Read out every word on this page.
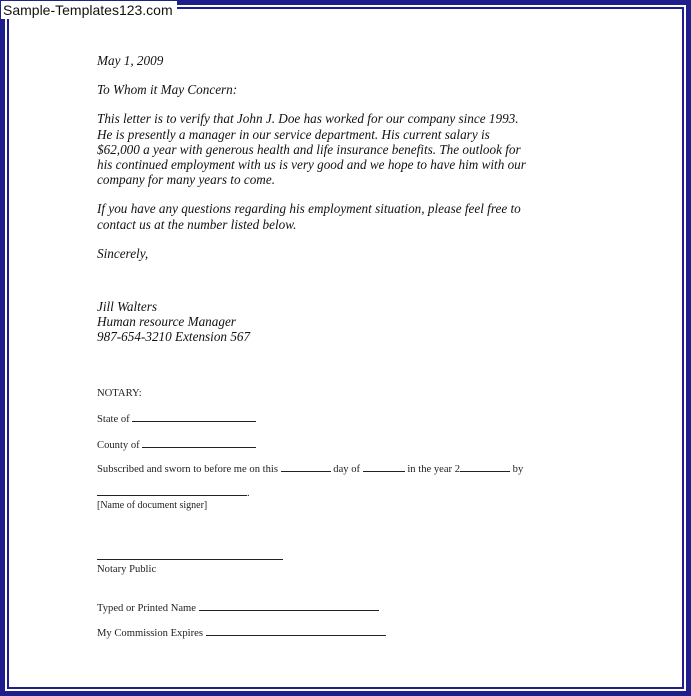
May 1, 2009

To Whom it May Concern:

This letter is to verify that John J. Doe has worked for our company since 1993.

He is presently a manager in our service department. His current salary is

$62,000 a year with generous health and life insurance benefits. The outlook for

his continued employment with us is very good and we hope to have him with our

company for many years to come.

If you have any questions regarding his employment situation, please feel free to

contact us at the number listed below.

Sincerely,

Jill Walters

Human resource Manager

987-654-3210 Extension 567

NOTARY:
State of
County of
Subscribed and sworn to before me on this	day of	in the year 2	by
.
[Name of document signer]
Notary Public
Typed or Printed Name
My Commission Expires
Sample-Templates123.com
